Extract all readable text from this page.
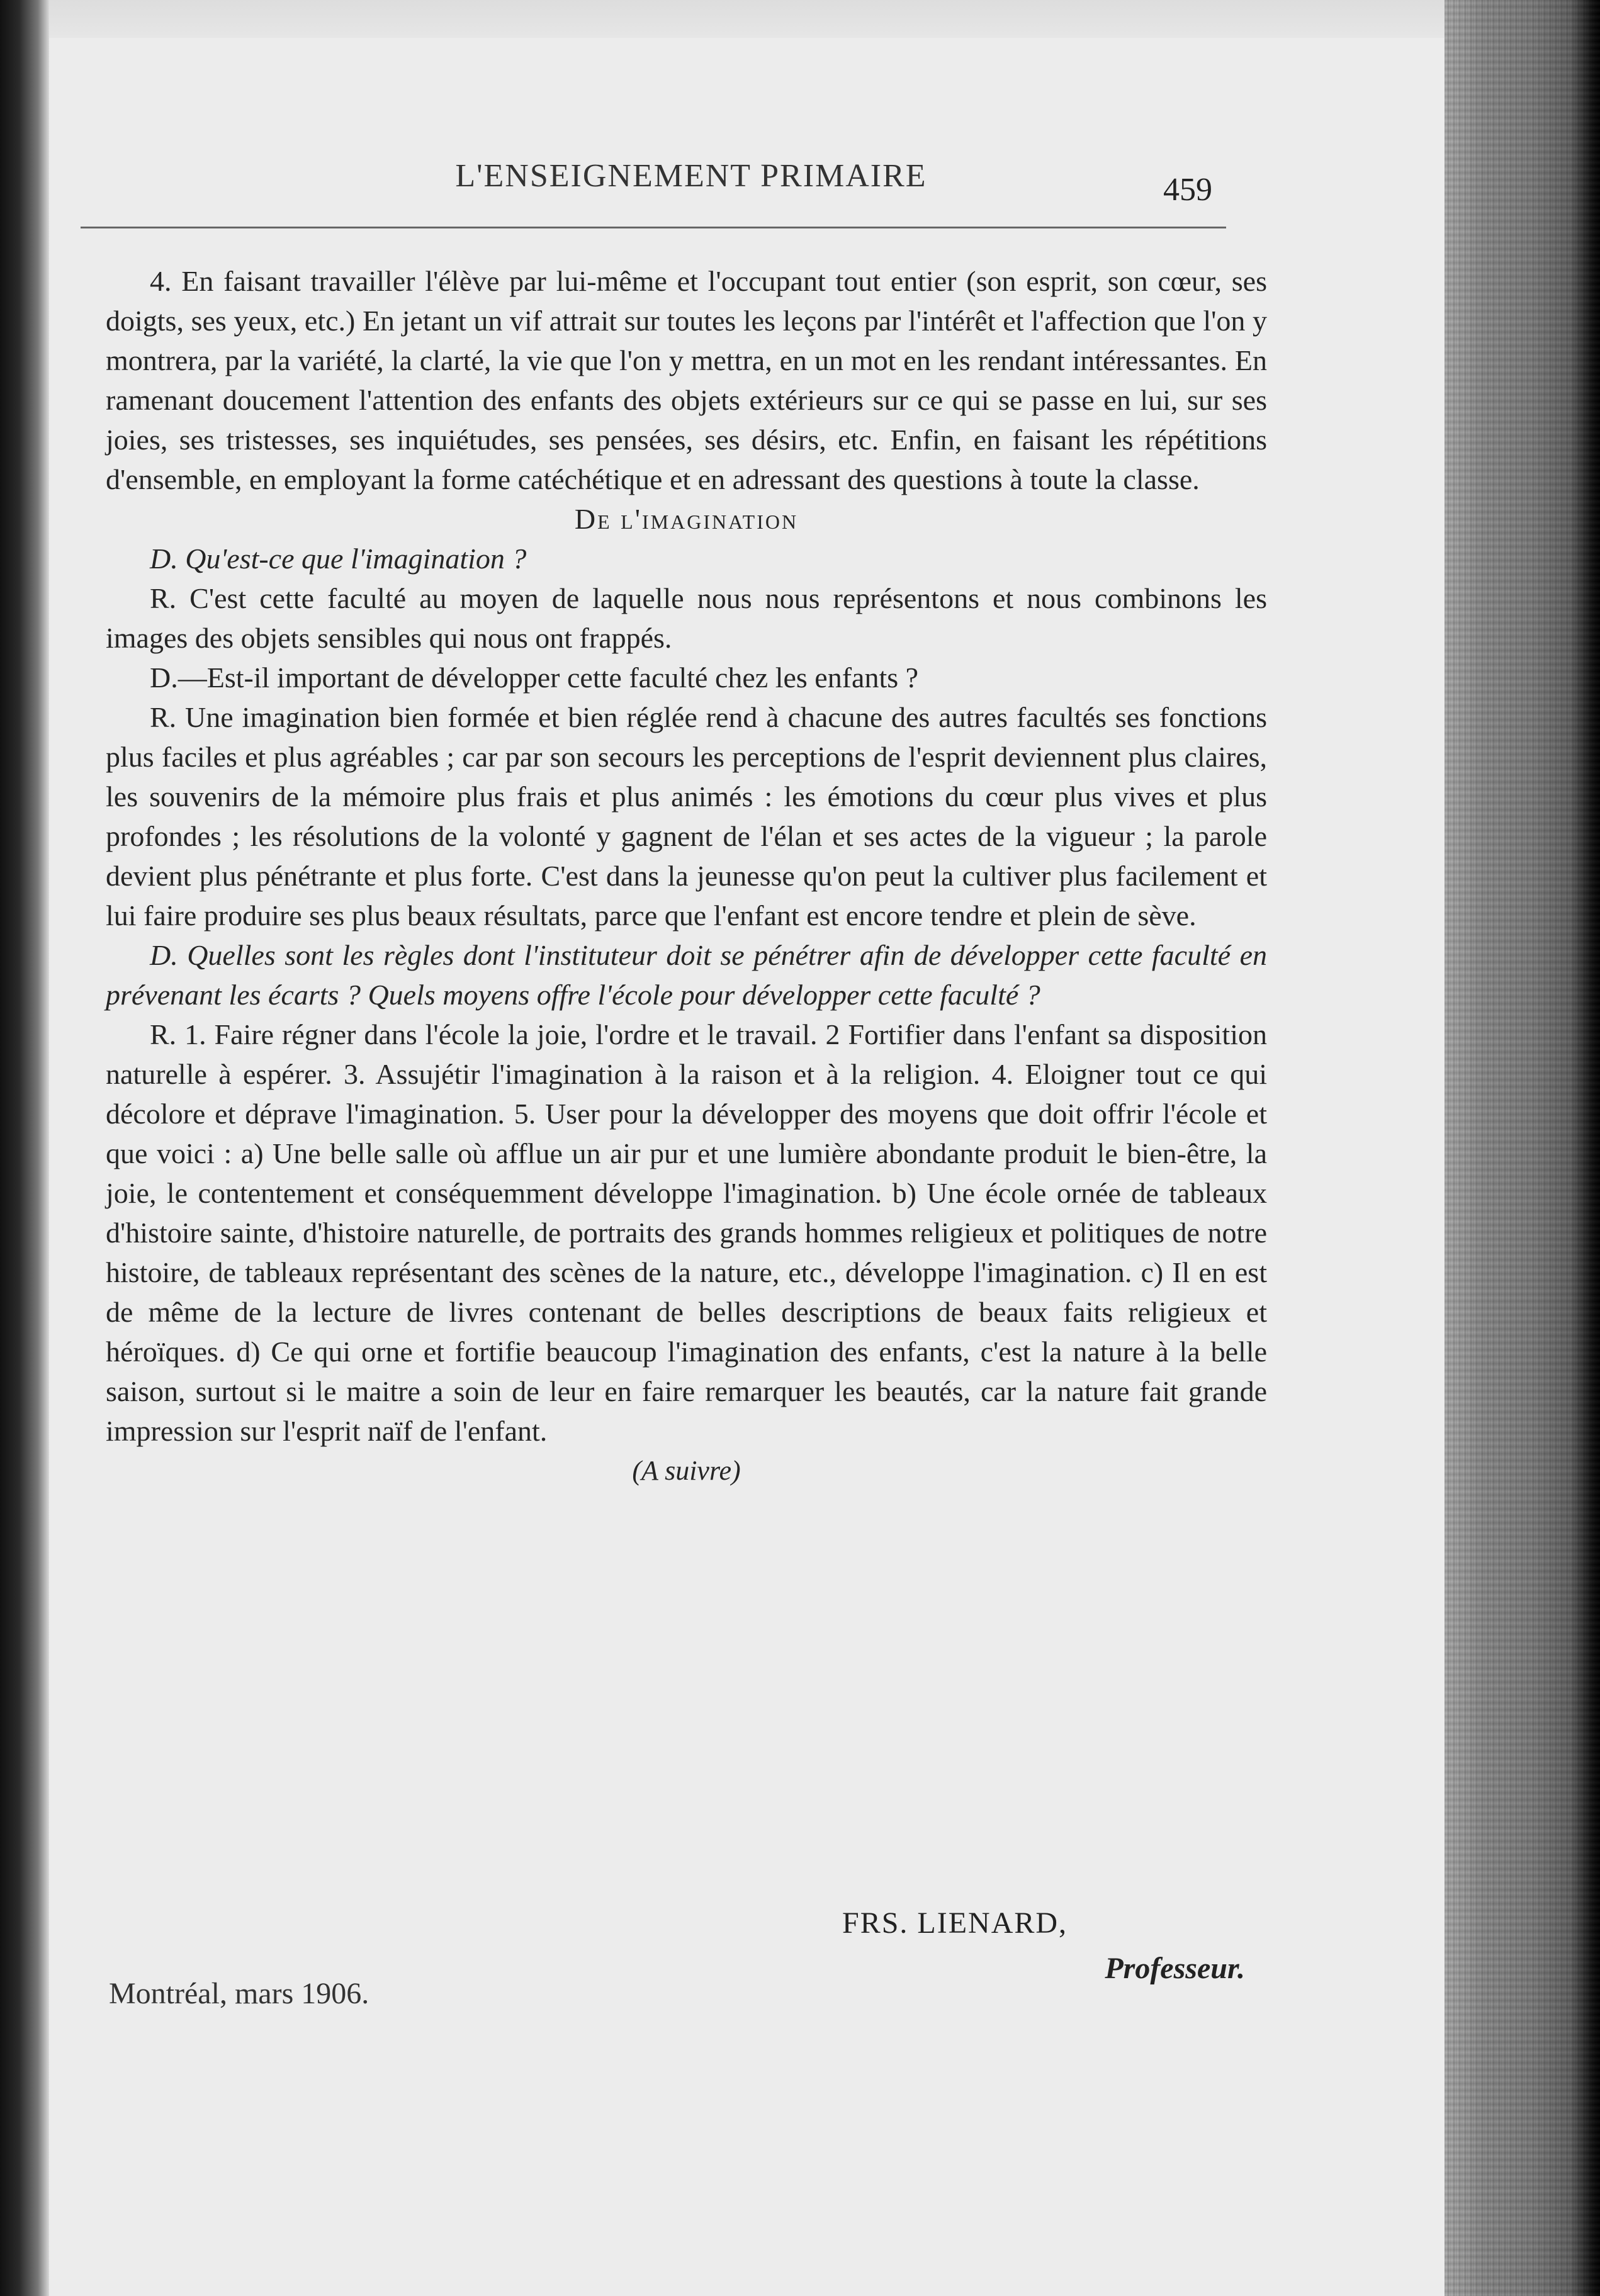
L'ENSEIGNEMENT PRIMAIRE	459

4. En faisant travailler l'élève par lui-même et l'occupant tout entier (son esprit, son cœur, ses doigts, ses yeux, etc.) En jetant un vif attrait sur toutes les leçons par l'intérêt et l'affection que l'on y montrera, par la variété, la clarté, la vie que l'on y mettra, en un mot en les rendant intéressantes. En ramenant doucement l'attention des enfants des objets extérieurs sur ce qui se passe en lui, sur ses joies, ses tristesses, ses inquiétudes, ses pensées, ses désirs, etc. Enfin, en faisant les répétitions d'ensemble, en employant la forme catéchétique et en adressant des questions à toute la classe.

De l'imagination

D. Qu'est-ce que l'imagination ?

R. C'est cette faculté au moyen de laquelle nous nous représentons et nous combinons les images des objets sensibles qui nous ont frappés.

D.—Est-il important de développer cette faculté chez les enfants ?

R. Une imagination bien formée et bien réglée rend à chacune des autres facultés ses fonctions plus faciles et plus agréables ; car par son secours les perceptions de l'esprit deviennent plus claires, les souvenirs de la mémoire plus frais et plus animés : les émotions du cœur plus vives et plus profondes ; les résolutions de la volonté y gagnent de l'élan et ses actes de la vigueur ; la parole devient plus pénétrante et plus forte. C'est dans la jeunesse qu'on peut la cultiver plus facilement et lui faire produire ses plus beaux résultats, parce que l'enfant est encore tendre et plein de sève.

D. Quelles sont les règles dont l'instituteur doit se pénétrer afin de développer cette faculté en prévenant les écarts ? Quels moyens offre l'école pour développer cette faculté ?

R. 1. Faire régner dans l'école la joie, l'ordre et le travail. 2 Fortifier dans l'enfant sa disposition naturelle à espérer. 3. Assujétir l'imagination à la raison et à la religion. 4. Eloigner tout ce qui décolore et déprave l'imagination. 5. User pour la développer des moyens que doit offrir l'école et que voici : a) Une belle salle où afflue un air pur et une lumière abondante produit le bien-être, la joie, le contentement et conséquemment développe l'imagination. b) Une école ornée de tableaux d'histoire sainte, d'histoire naturelle, de portraits des grands hommes religieux et politiques de notre histoire, de tableaux représentant des scènes de la nature, etc., développe l'imagination. c) Il en est de même de la lecture de livres contenant de belles descriptions de beaux faits religieux et héroïques. d) Ce qui orne et fortifie beaucoup l'imagination des enfants, c'est la nature à la belle saison, surtout si le maitre a soin de leur en faire remarquer les beautés, car la nature fait grande impression sur l'esprit naïf de l'enfant.

(A suivre)

FRS. LIENARD,
Professeur.
Montréal, mars 1906.
